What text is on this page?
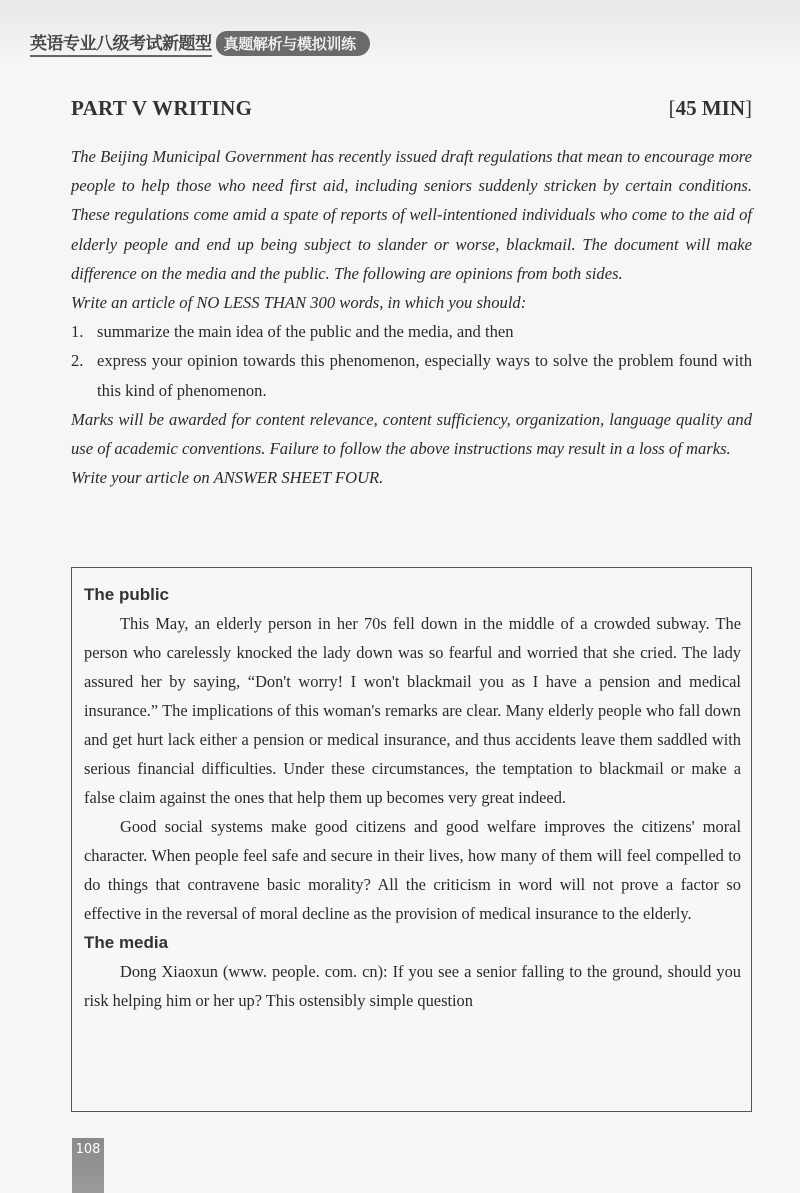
英语专业八级考试新题型 真题解析与模拟训练
PART V WRITING	[45 MIN]

The Beijing Municipal Government has recently issued draft regulations that mean to encourage more people to help those who need first aid, including seniors suddenly stricken by certain conditions. These regulations come amid a spate of reports of well-intentioned individuals who come to the aid of elderly people and end up being subject to slander or worse, blackmail. The document will make difference on the media and the public. The following are opinions from both sides.

Write an article of NO LESS THAN 300 words, in which you should:

1. summarize the main idea of the public and the media, and then
2. express your opinion towards this phenomenon, especially ways to solve the problem found with this kind of phenomenon.

Marks will be awarded for content relevance, content sufficiency, organization, language quality and use of academic conventions. Failure to follow the above instructions may result in a loss of marks.

Write your article on ANSWER SHEET FOUR.

The public

This May, an elderly person in her 70s fell down in the middle of a crowded subway. The person who carelessly knocked the lady down was so fearful and worried that she cried. The lady assured her by saying, “Don't worry! I won't blackmail you as I have a pension and medical insurance.” The implications of this woman's remarks are clear. Many elderly people who fall down and get hurt lack either a pension or medical insurance, and thus accidents leave them saddled with serious financial difficulties. Under these circumstances, the temptation to blackmail or make a false claim against the ones that help them up becomes very great indeed.

Good social systems make good citizens and good welfare improves the citizens' moral character. When people feel safe and secure in their lives, how many of them will feel compelled to do things that contravene basic morality? All the criticism in word will not prove a factor so effective in the reversal of moral decline as the provision of medical insurance to the elderly.

The media

Dong Xiaoxun (www. people. com. cn): If you see a senior falling to the ground, should you risk helping him or her up? This ostensibly simple question

108
